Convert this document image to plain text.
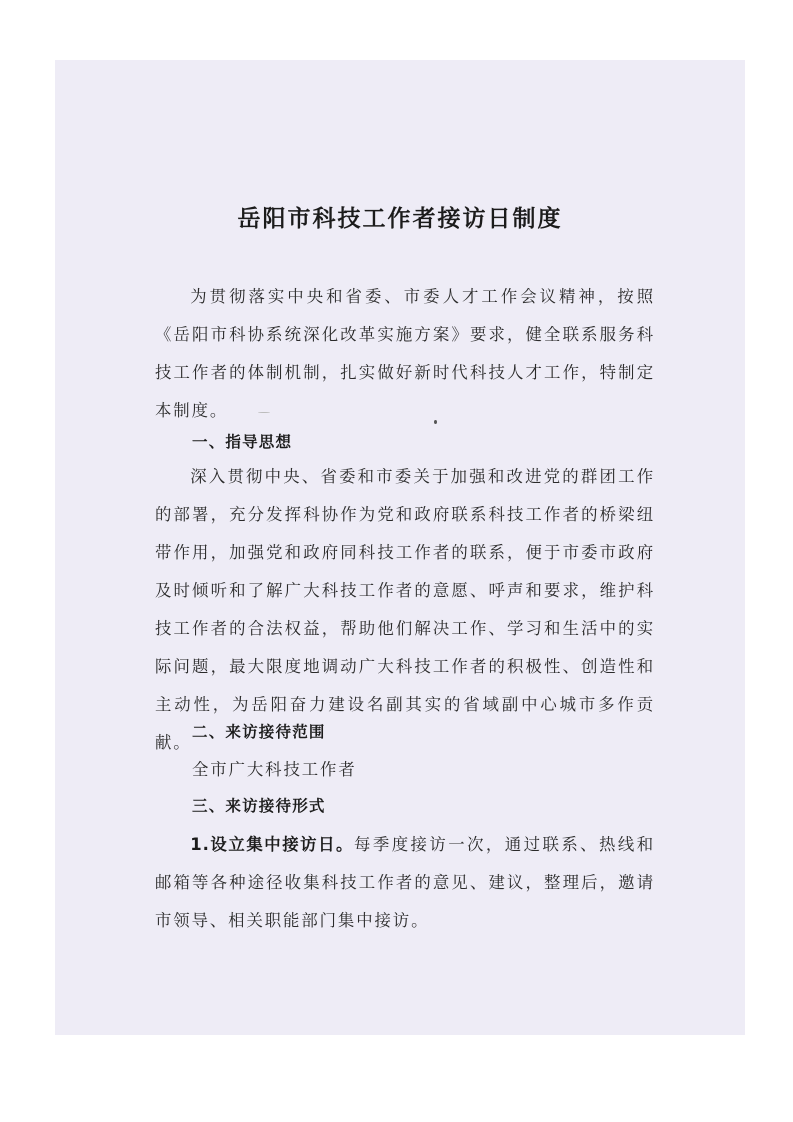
岳阳市科技工作者接访日制度

为贯彻落实中央和省委、市委人才工作会议精神，按照《岳阳市科协系统深化改革实施方案》要求，健全联系服务科技工作者的体制机制，扎实做好新时代科技人才工作，特制定本制度。

一、指导思想

深入贯彻中央、省委和市委关于加强和改进党的群团工作的部署，充分发挥科协作为党和政府联系科技工作者的桥梁纽带作用，加强党和政府同科技工作者的联系，便于市委市政府及时倾听和了解广大科技工作者的意愿、呼声和要求，维护科技工作者的合法权益，帮助他们解决工作、学习和生活中的实际问题，最大限度地调动广大科技工作者的积极性、创造性和主动性，为岳阳奋力建设名副其实的省域副中心城市多作贡献。

二、来访接待范围

全市广大科技工作者

三、来访接待形式

1.设立集中接访日。每季度接访一次，通过联系、热线和邮箱等各种途径收集科技工作者的意见、建议，整理后，邀请市领导、相关职能部门集中接访。
